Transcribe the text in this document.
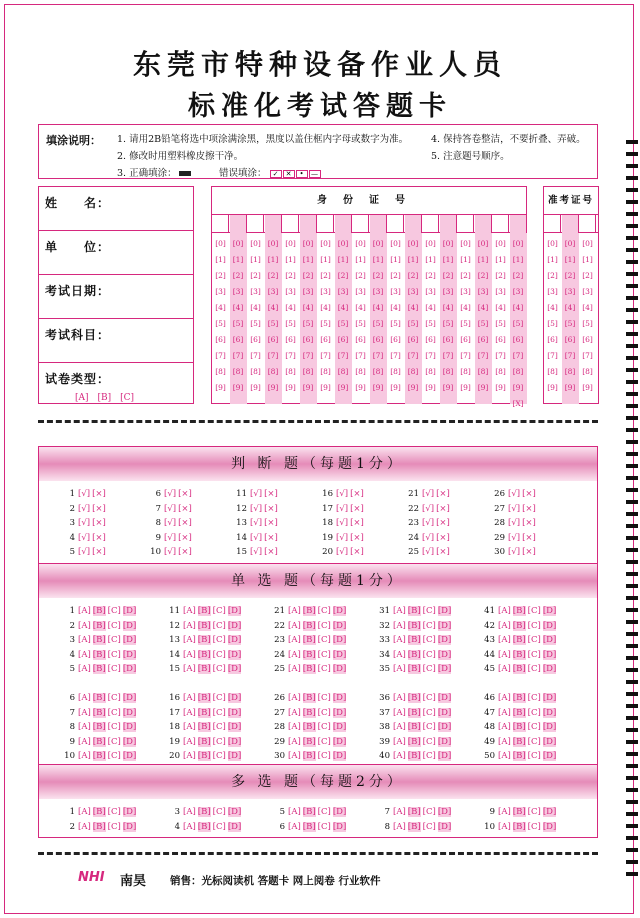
东莞市特种设备作业人员
标准化考试答题卡
填涂说明： 1. 请用2B铅笔将选中项涂满涂黑，黑度以盖住框内字母或数字为准。 4. 保持答卷整洁，不要折叠、弄破。
2. 修改时用塑料橡皮擦干净。	5. 注意题号顺序。
3. 正确填涂：	错误填涂： ✓ ✕ • —
姓　　名：
单　　位：
考试日期：
考试科目：
试卷类型：
[A]　[B]　[C]
身份证号
[0]
[1]
[2]
[3]
[4]
[5]
[6]
[7]
[8]
[9]
[0]
[1]
[2]
[3]
[4]
[5]
[6]
[7]
[8]
[9]
[0]
[1]
[2]
[3]
[4]
[5]
[6]
[7]
[8]
[9]
[0]
[1]
[2]
[3]
[4]
[5]
[6]
[7]
[8]
[9]
[0]
[1]
[2]
[3]
[4]
[5]
[6]
[7]
[8]
[9]
[0]
[1]
[2]
[3]
[4]
[5]
[6]
[7]
[8]
[9]
[0]
[1]
[2]
[3]
[4]
[5]
[6]
[7]
[8]
[9]
[0]
[1]
[2]
[3]
[4]
[5]
[6]
[7]
[8]
[9]
[0]
[1]
[2]
[3]
[4]
[5]
[6]
[7]
[8]
[9]
[0]
[1]
[2]
[3]
[4]
[5]
[6]
[7]
[8]
[9]
[0]
[1]
[2]
[3]
[4]
[5]
[6]
[7]
[8]
[9]
[0]
[1]
[2]
[3]
[4]
[5]
[6]
[7]
[8]
[9]
[0]
[1]
[2]
[3]
[4]
[5]
[6]
[7]
[8]
[9]
[0]
[1]
[2]
[3]
[4]
[5]
[6]
[7]
[8]
[9]
[0]
[1]
[2]
[3]
[4]
[5]
[6]
[7]
[8]
[9]
[0]
[1]
[2]
[3]
[4]
[5]
[6]
[7]
[8]
[9]
[0]
[1]
[2]
[3]
[4]
[5]
[6]
[7]
[8]
[9]
[0]
[1]
[2]
[3]
[4]
[5]
[6]
[7]
[8]
[9]
[X]
准考证号
[0]
[1]
[2]
[3]
[4]
[5]
[6]
[7]
[8]
[9]
[0]
[1]
[2]
[3]
[4]
[5]
[6]
[7]
[8]
[9]
[0]
[1]
[2]
[3]
[4]
[5]
[6]
[7]
[8]
[9]
判 断 题（每题1分）
1 [√] [×]
2 [√] [×]
3 [√] [×]
4 [√] [×]
5 [√] [×]
6 [√] [×]
7 [√] [×]
8 [√] [×]
9 [√] [×]
10 [√] [×]
11 [√] [×]
12 [√] [×]
13 [√] [×]
14 [√] [×]
15 [√] [×]
16 [√] [×]
17 [√] [×]
18 [√] [×]
19 [√] [×]
20 [√] [×]
21 [√] [×]
22 [√] [×]
23 [√] [×]
24 [√] [×]
25 [√] [×]
26 [√] [×]
27 [√] [×]
28 [√] [×]
29 [√] [×]
30 [√] [×]
单 选 题（每题1分）
1 [A] [B] [C] [D]
2 [A] [B] [C] [D]
3 [A] [B] [C] [D]
4 [A] [B] [C] [D]
5 [A] [B] [C] [D]
6 [A] [B] [C] [D]
7 [A] [B] [C] [D]
8 [A] [B] [C] [D]
9 [A] [B] [C] [D]
10 [A] [B] [C] [D]
11 [A] [B] [C] [D]
12 [A] [B] [C] [D]
13 [A] [B] [C] [D]
14 [A] [B] [C] [D]
15 [A] [B] [C] [D]
16 [A] [B] [C] [D]
17 [A] [B] [C] [D]
18 [A] [B] [C] [D]
19 [A] [B] [C] [D]
20 [A] [B] [C] [D]
21 [A] [B] [C] [D]
22 [A] [B] [C] [D]
23 [A] [B] [C] [D]
24 [A] [B] [C] [D]
25 [A] [B] [C] [D]
26 [A] [B] [C] [D]
27 [A] [B] [C] [D]
28 [A] [B] [C] [D]
29 [A] [B] [C] [D]
30 [A] [B] [C] [D]
31 [A] [B] [C] [D]
32 [A] [B] [C] [D]
33 [A] [B] [C] [D]
34 [A] [B] [C] [D]
35 [A] [B] [C] [D]
36 [A] [B] [C] [D]
37 [A] [B] [C] [D]
38 [A] [B] [C] [D]
39 [A] [B] [C] [D]
40 [A] [B] [C] [D]
41 [A] [B] [C] [D]
42 [A] [B] [C] [D]
43 [A] [B] [C] [D]
44 [A] [B] [C] [D]
45 [A] [B] [C] [D]
46 [A] [B] [C] [D]
47 [A] [B] [C] [D]
48 [A] [B] [C] [D]
49 [A] [B] [C] [D]
50 [A] [B] [C] [D]
多 选 题（每题2分）
1 [A] [B] [C] [D]
2 [A] [B] [C] [D]
3 [A] [B] [C] [D]
4 [A] [B] [C] [D]
5 [A] [B] [C] [D]
6 [A] [B] [C] [D]
7 [A] [B] [C] [D]
8 [A] [B] [C] [D]
9 [A] [B] [C] [D]
10 [A] [B] [C] [D]
NHI 南昊 销售：光标阅读机 答题卡 网上阅卷 行业软件
